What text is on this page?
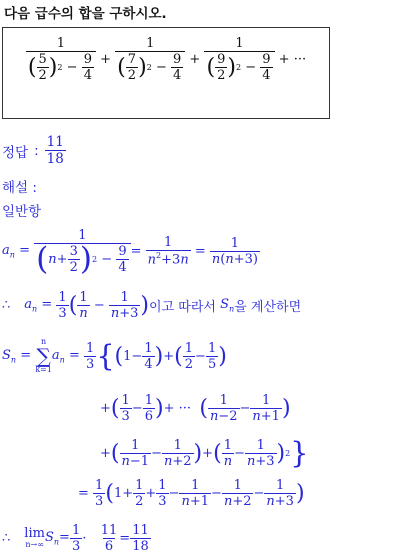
다음 급수의 합을 구하시오.
$\frac{1}{( \frac{5}{2} ) 2 - \frac{9}{4}} + \frac{1}{( \frac{7}{2} ) 2 - \frac{9}{4}} + \frac{1}{( \frac{9}{2} ) 2 - \frac{9}{4}}$ + ···
정답 : $\frac{11}{18}$
해설 :
일반항
$a_n = \frac{1}{( n + \frac{3}{2} ) 2 - \frac{9}{4}} = \frac{1}{n^2+3n} = \frac{1}{n(n+3)}$
∴ $a_n = \frac{1}{3}$ ( $\frac{1}{n} - \frac{1}{n+3}$ ) 이고 따라서 $S_n$ 을 계산하면
$S_n$ =
n
∑
k=1
$a_n = \frac{1}{3}$ { ( $1- \frac{1}{4}$ ) + ( $\frac{1}{2} - \frac{1}{5}$ )
+ ( $\frac{1}{3} - \frac{1}{6}$ ) + ···
( $\frac{1}{n-2} - \frac{1}{n+1}$ )
+ ( $\frac{1}{n-1} - \frac{1}{n+2}$ ) + ( $\frac{1}{n} - \frac{1}{n+3}$ ) 2 }
= $\frac{1}{3}$ ( $1+ \frac{1}{2} + \frac{1}{3} - \frac{1}{n+1} - \frac{1}{n+2} - \frac{1}{n+3}$ )
∴ lim
n→∞ $S_n= \frac{1}{3} \cdot \frac{11}{6} = \frac{11}{18}$
